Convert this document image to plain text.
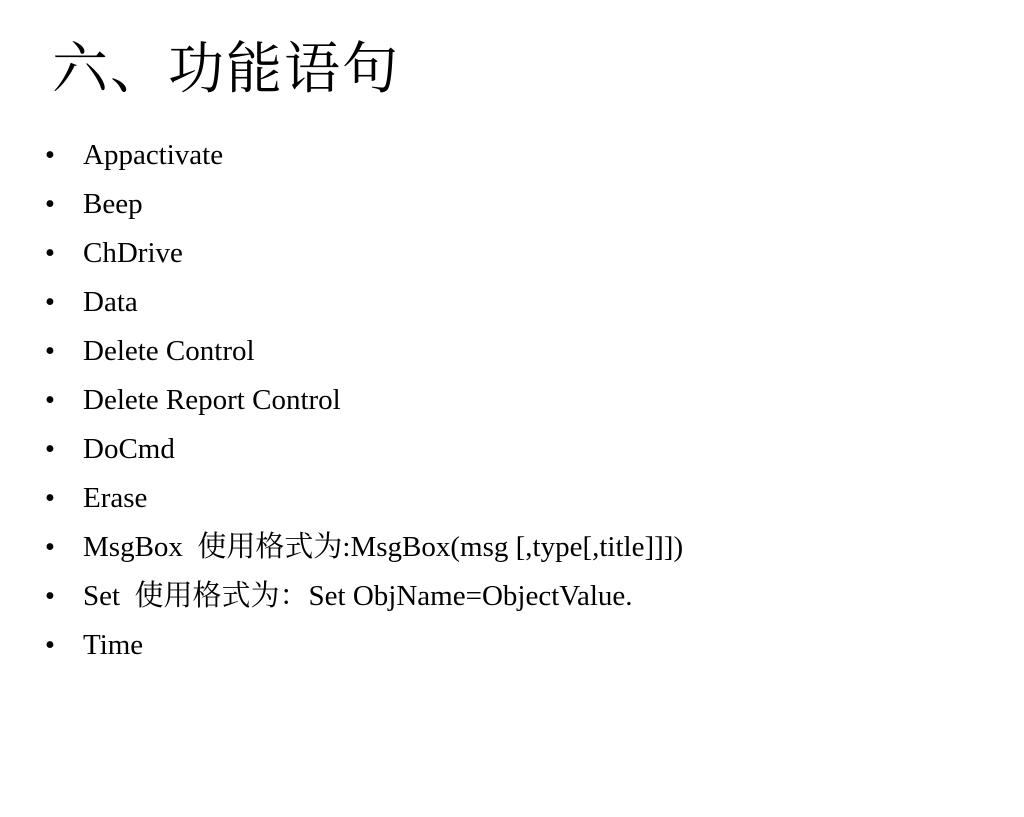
六、功能语句

•

Appactivate

•

Beep

•

ChDrive

•

Data

•

Delete Control

•

Delete Report Control

•

DoCmd

•

Erase

•

MsgBox  使用格式为:MsgBox(msg [,type[,title]]])

•

Set  使用格式为：Set ObjName=ObjectValue.

•

Time
